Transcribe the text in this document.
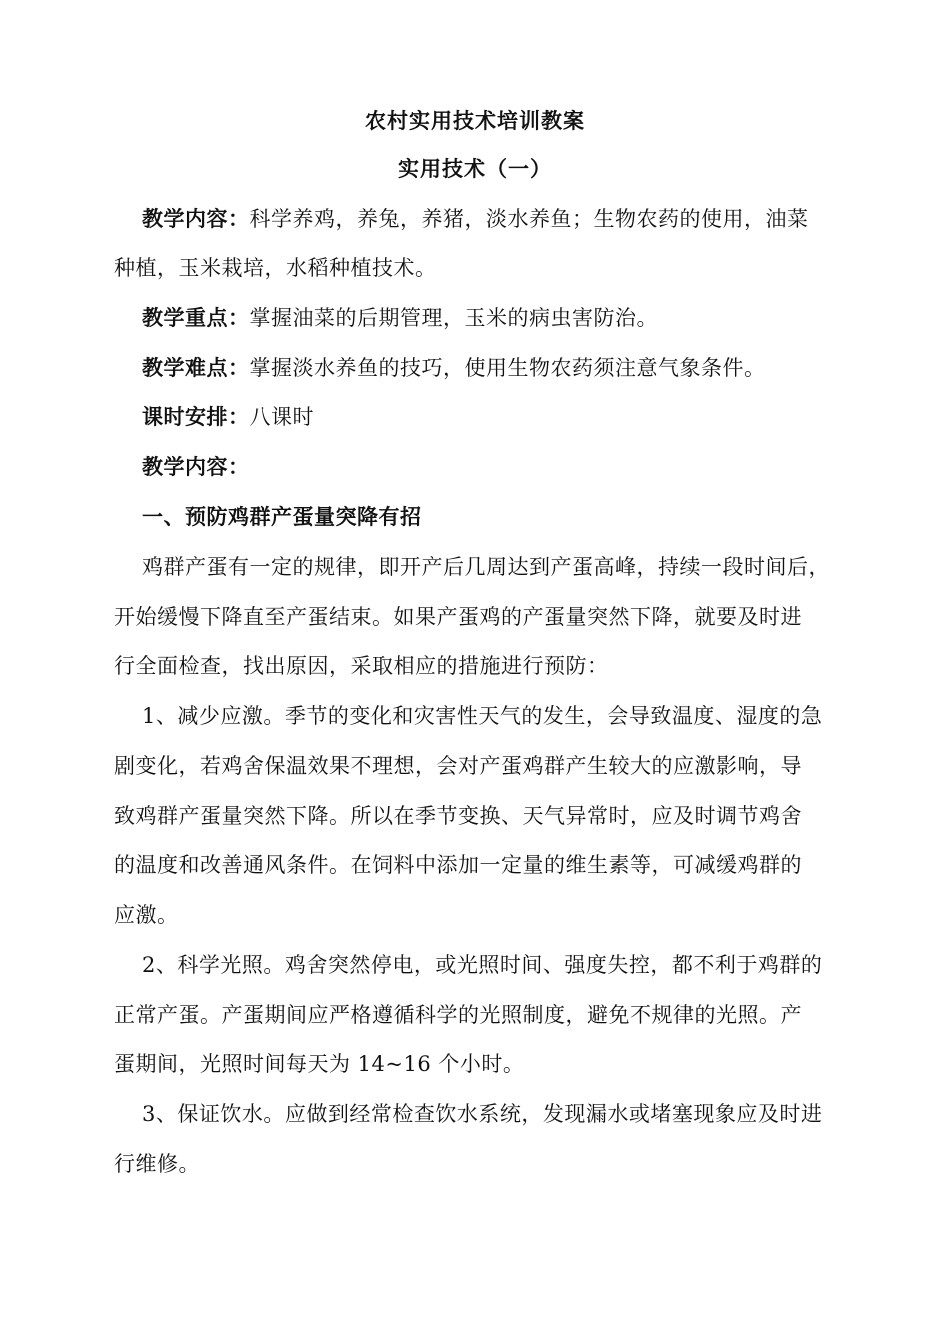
农村实用技术培训教案
实用技术（一）
教学内容：科学养鸡，养兔，养猪，淡水养鱼；生物农药的使用，油菜
种植，玉米栽培，水稻种植技术。
教学重点：掌握油菜的后期管理，玉米的病虫害防治。
教学难点：掌握淡水养鱼的技巧，使用生物农药须注意气象条件。
课时安排：八课时
教学内容：
一、预防鸡群产蛋量突降有招
鸡群产蛋有一定的规律，即开产后几周达到产蛋高峰，持续一段时间后，
开始缓慢下降直至产蛋结束。如果产蛋鸡的产蛋量突然下降，就要及时进
行全面检查，找出原因，采取相应的措施进行预防：
1、减少应激。季节的变化和灾害性天气的发生，会导致温度、湿度的急
剧变化，若鸡舍保温效果不理想，会对产蛋鸡群产生较大的应激影响，导
致鸡群产蛋量突然下降。所以在季节变换、天气异常时，应及时调节鸡舍
的温度和改善通风条件。在饲料中添加一定量的维生素等，可减缓鸡群的
应激。
2、科学光照。鸡舍突然停电，或光照时间、强度失控，都不利于鸡群的
正常产蛋。产蛋期间应严格遵循科学的光照制度，避免不规律的光照。产
蛋期间，光照时间每天为 14~16 个小时。
3、保证饮水。应做到经常检查饮水系统，发现漏水或堵塞现象应及时进
行维修。
